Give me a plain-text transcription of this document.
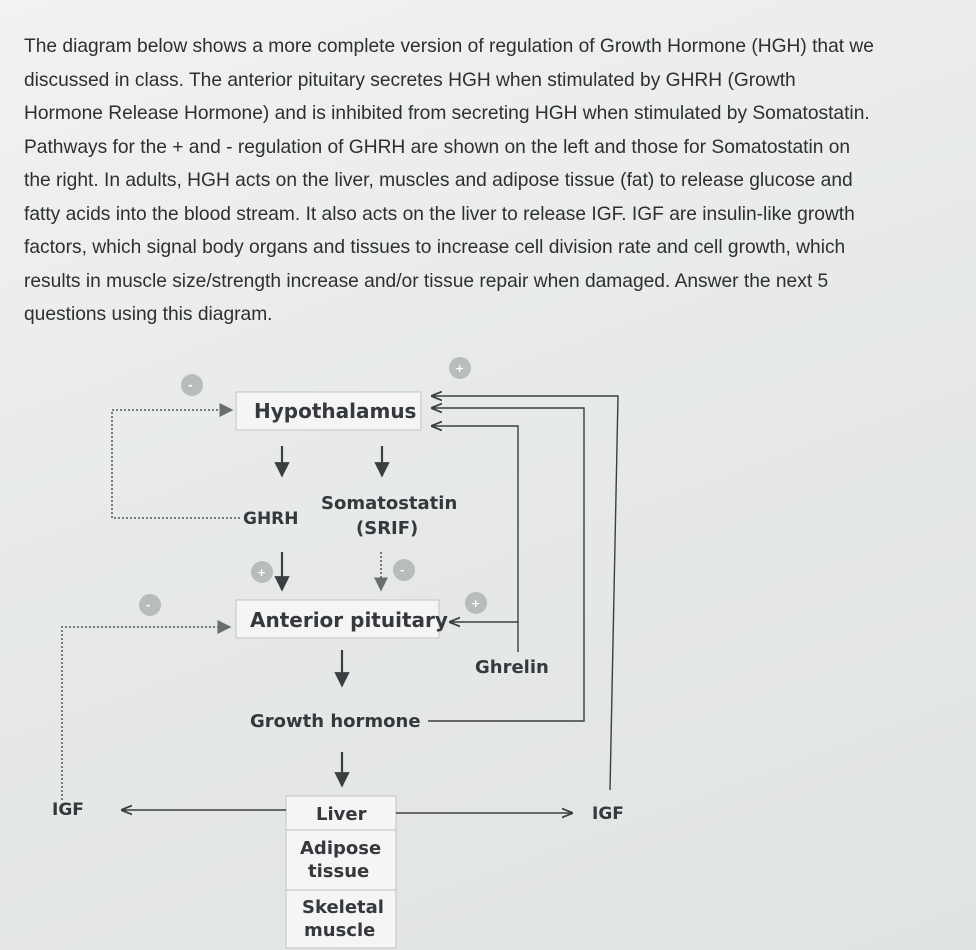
The diagram below shows a more complete version of regulation of Growth Hormone (HGH) that we
discussed in class. The anterior pituitary secretes HGH when stimulated by GHRH (Growth
Hormone Release Hormone) and is inhibited from secreting HGH when stimulated by Somatostatin.
Pathways for the + and - regulation of GHRH are shown on the left and those for Somatostatin on
the right. In adults, HGH acts on the liver, muscles and adipose tissue (fat) to release glucose and
fatty acids into the blood stream. It also acts on the liver to release IGF. IGF are insulin-like growth
factors, which signal body organs and tissues to increase cell division rate and cell growth, which
results in muscle size/strength increase and/or tissue repair when damaged. Answer the next 5
questions using this diagram.
Hypothalamus
GHRH
Somatostatin
(SRIF)
-
+	-
Anterior pituitary
-
Ghrelin
+
Growth hormone
+
Liver
Adipose
tissue
Skeletal
muscle
IGF	IGF
